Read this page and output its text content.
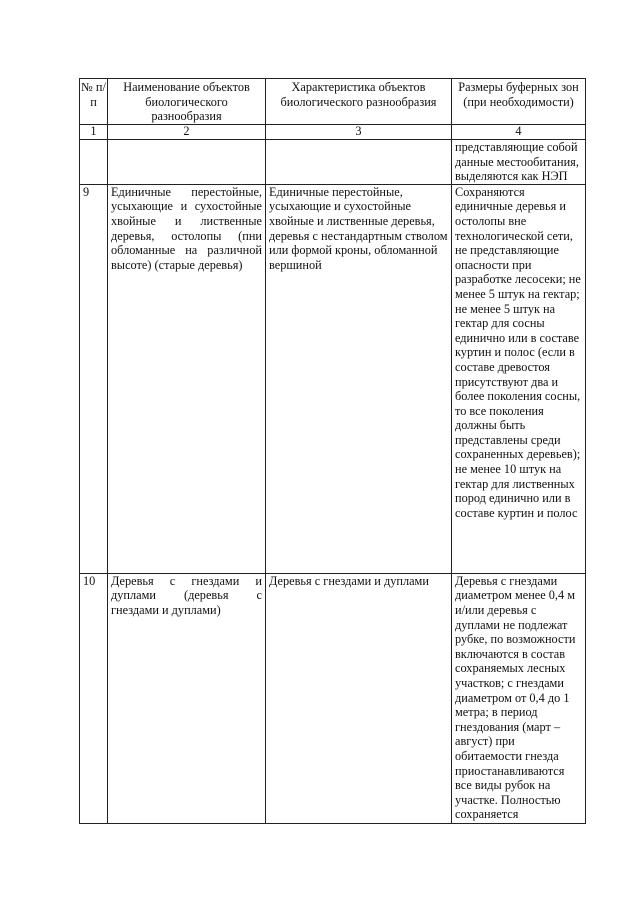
№ п/п	Наименование объектов биологического разнообразия	Характеристика объектов биологического разнообразия	Размеры буферных зон (при необходимости)
1	2	3	4
			представляющие собой данные местообитания, выделяются как НЭП
9	Единичные перестойные, усыхающие и сухостойные хвойные и лиственные деревья, остолопы (пни обломанные на различной высоте) (старые деревья)	Единичные перестойные, усыхающие и сухостойные хвойные и лиственные деревья, деревья с нестандартным стволом или формой кроны, обломанной вершиной	Сохраняются единичные деревья и остолопы вне технологической сети, не представляющие опасности при разработке лесосеки; не менее 5 штук на гектар; не менее 5 штук на гектар для сосны единично или в составе куртин и полос (если в составе древостоя присутствуют два и более поколения сосны, то все поколения должны быть представлены среди сохраненных деревьев); не менее 10 штук на гектар для лиственных пород единично или в составе куртин и полос
10	Деревья с гнездами и дуплами (деревья с гнездами и дуплами)	Деревья с гнездами и дуплами	Деревья с гнездами диаметром менее 0,4 м и/или деревья с дуплами не подлежат рубке, по возможности включаются в состав сохраняемых лесных участков; с гнездами диаметром от 0,4 до 1 метра; в период гнездования (март – август) при обитаемости гнезда приостанавливаются все виды рубок на участке. Полностью сохраняется
